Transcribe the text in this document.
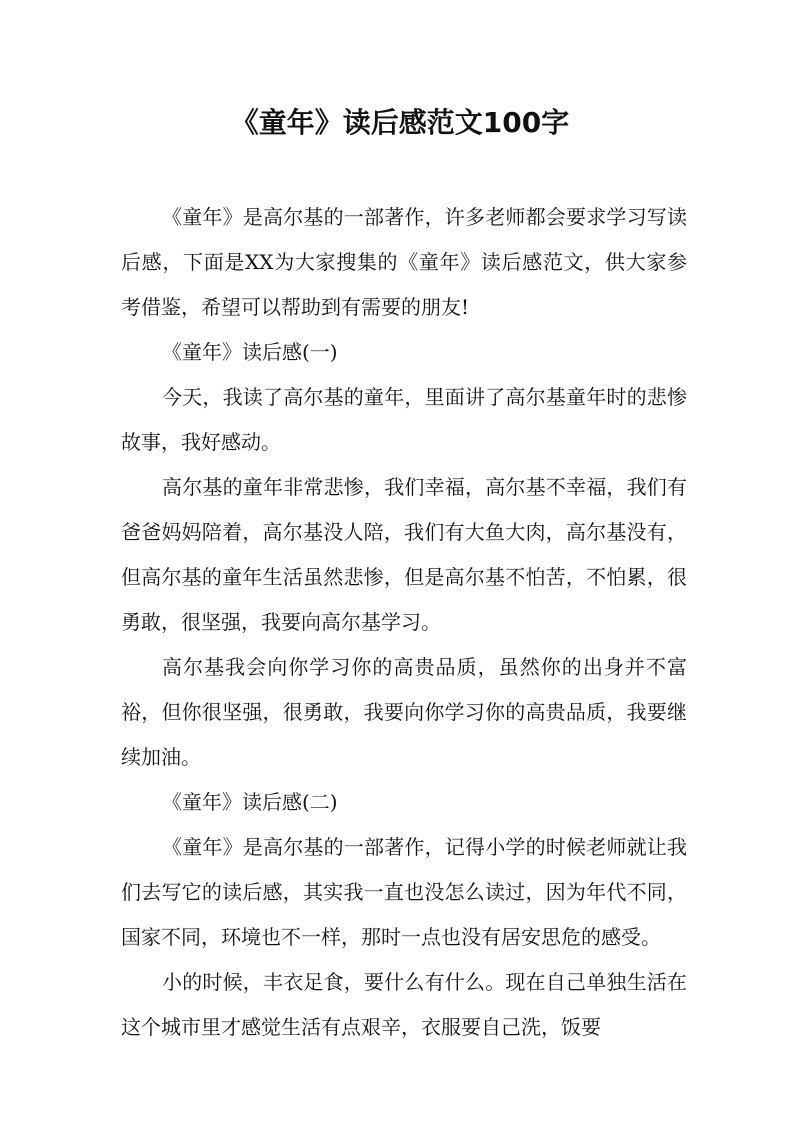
《童年》读后感范文100字

《童年》是高尔基的一部著作，许多老师都会要求学习写读后感，下面是XX为大家搜集的《童年》读后感范文，供大家参考借鉴，希望可以帮助到有需要的朋友!

《童年》读后感(一)

今天，我读了高尔基的童年，里面讲了高尔基童年时的悲惨故事，我好感动。

高尔基的童年非常悲惨，我们幸福，高尔基不幸福，我们有爸爸妈妈陪着，高尔基没人陪，我们有大鱼大肉，高尔基没有，但高尔基的童年生活虽然悲惨，但是高尔基不怕苦，不怕累，很勇敢，很坚强，我要向高尔基学习。

高尔基我会向你学习你的高贵品质，虽然你的出身并不富裕，但你很坚强，很勇敢，我要向你学习你的高贵品质，我要继续加油。

《童年》读后感(二)

《童年》是高尔基的一部著作，记得小学的时候老师就让我们去写它的读后感，其实我一直也没怎么读过，因为年代不同，国家不同，环境也不一样，那时一点也没有居安思危的感受。

小的时候，丰衣足食，要什么有什么。现在自己单独生活在这个城市里才感觉生活有点艰辛，衣服要自己洗，饭要
